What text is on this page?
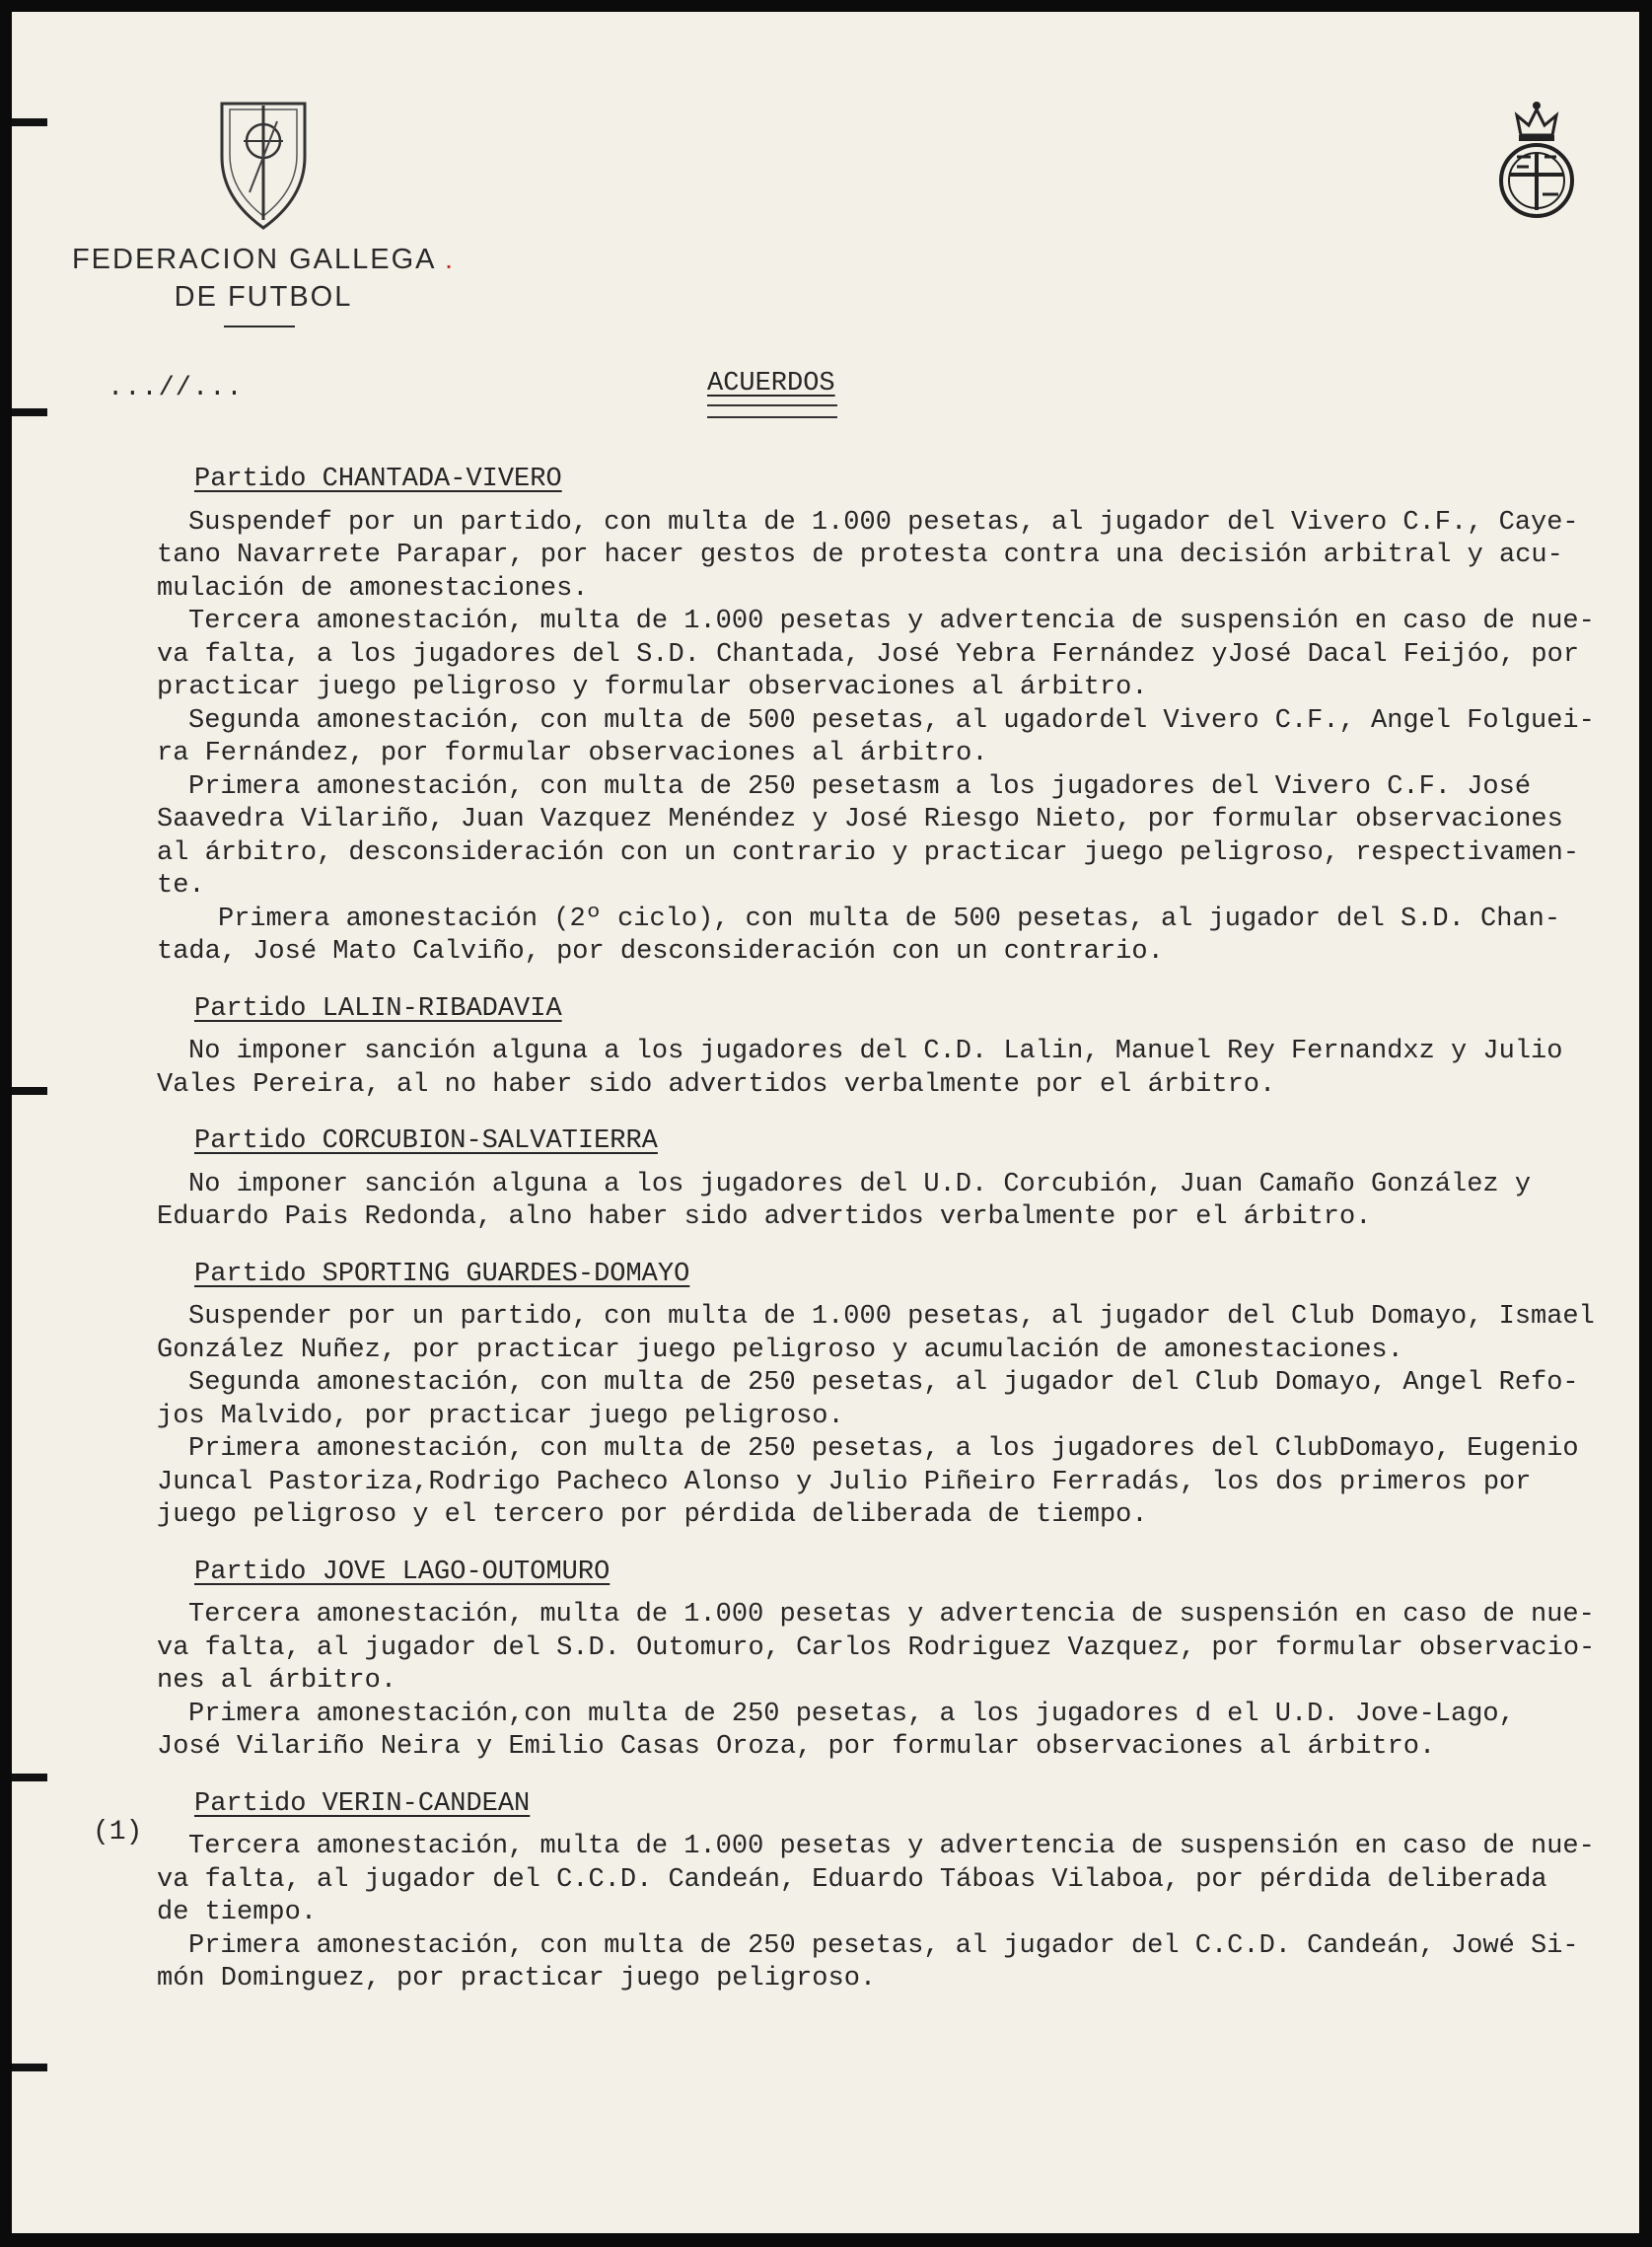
FEDERACION GALLEGA .
DE FUTBOL
...//...	ACUERDOS
Partido CHANTADA-VIVERO
Suspendef por un partido, con multa de 1.000 pesetas, al jugador del Vivero C.F., Caye-
tano Navarrete Parapar, por hacer gestos de protesta contra una decisión arbitral y acu-
mulación de amonestaciones.
Tercera amonestación, multa de 1.000 pesetas y advertencia de suspensión en caso de nue-
va falta, a los jugadores del S.D. Chantada, José Yebra Fernández yJosé Dacal Feijóo, por
practicar juego peligroso y formular observaciones al árbitro.
Segunda amonestación, con multa de 500 pesetas, al ugadordel Vivero C.F., Angel Folguei-
ra Fernández, por formular observaciones al árbitro.
Primera amonestación, con multa de 250 pesetasm a los jugadores del Vivero C.F. José
Saavedra Vilariño, Juan Vazquez Menéndez y José Riesgo Nieto, por formular observaciones
al árbitro, desconsideración con un contrario y practicar juego peligroso, respectivamen-
te.
Primera amonestación (2º ciclo), con multa de 500 pesetas, al jugador del S.D. Chan-
tada, José Mato Calviño, por desconsideración con un contrario.
Partido LALIN-RIBADAVIA
No imponer sanción alguna a los jugadores del C.D. Lalin, Manuel Rey Fernandxz y Julio
Vales Pereira, al no haber sido advertidos verbalmente por el árbitro.
Partido CORCUBION-SALVATIERRA
No imponer sanción alguna a los jugadores del U.D. Corcubión, Juan Camaño González y
Eduardo Pais Redonda, alno haber sido advertidos verbalmente por el árbitro.
Partido SPORTING GUARDES-DOMAYO
Suspender por un partido, con multa de 1.000 pesetas, al jugador del Club Domayo, Ismael
González Nuñez, por practicar juego peligroso y acumulación de amonestaciones.
Segunda amonestación, con multa de 250 pesetas, al jugador del Club Domayo, Angel Refo-
jos Malvido, por practicar juego peligroso.
Primera amonestación, con multa de 250 pesetas, a los jugadores del ClubDomayo, Eugenio
Juncal Pastoriza,Rodrigo Pacheco Alonso y Julio Piñeiro Ferradás, los dos primeros por
juego peligroso y el tercero por pérdida deliberada de tiempo.
Partido JOVE LAGO-OUTOMURO
Tercera amonestación, multa de 1.000 pesetas y advertencia de suspensión en caso de nue-
va falta, al jugador del S.D. Outomuro, Carlos Rodriguez Vazquez, por formular observacio-
nes al árbitro.
Primera amonestación,con multa de 250 pesetas, a los jugadores d el U.D. Jove-Lago,
José Vilariño Neira y Emilio Casas Oroza, por formular observaciones al árbitro.
Partido VERIN-CANDEAN
Tercera amonestación, multa de 1.000 pesetas y advertencia de suspensión en caso de nue-
va falta, al jugador del C.C.D. Candeán, Eduardo Táboas Vilaboa, por pérdida deliberada
de tiempo.
Primera amonestación, con multa de 250 pesetas, al jugador del C.C.D. Candeán, Jowé Si-
món Dominguez, por practicar juego peligroso.
(1)
